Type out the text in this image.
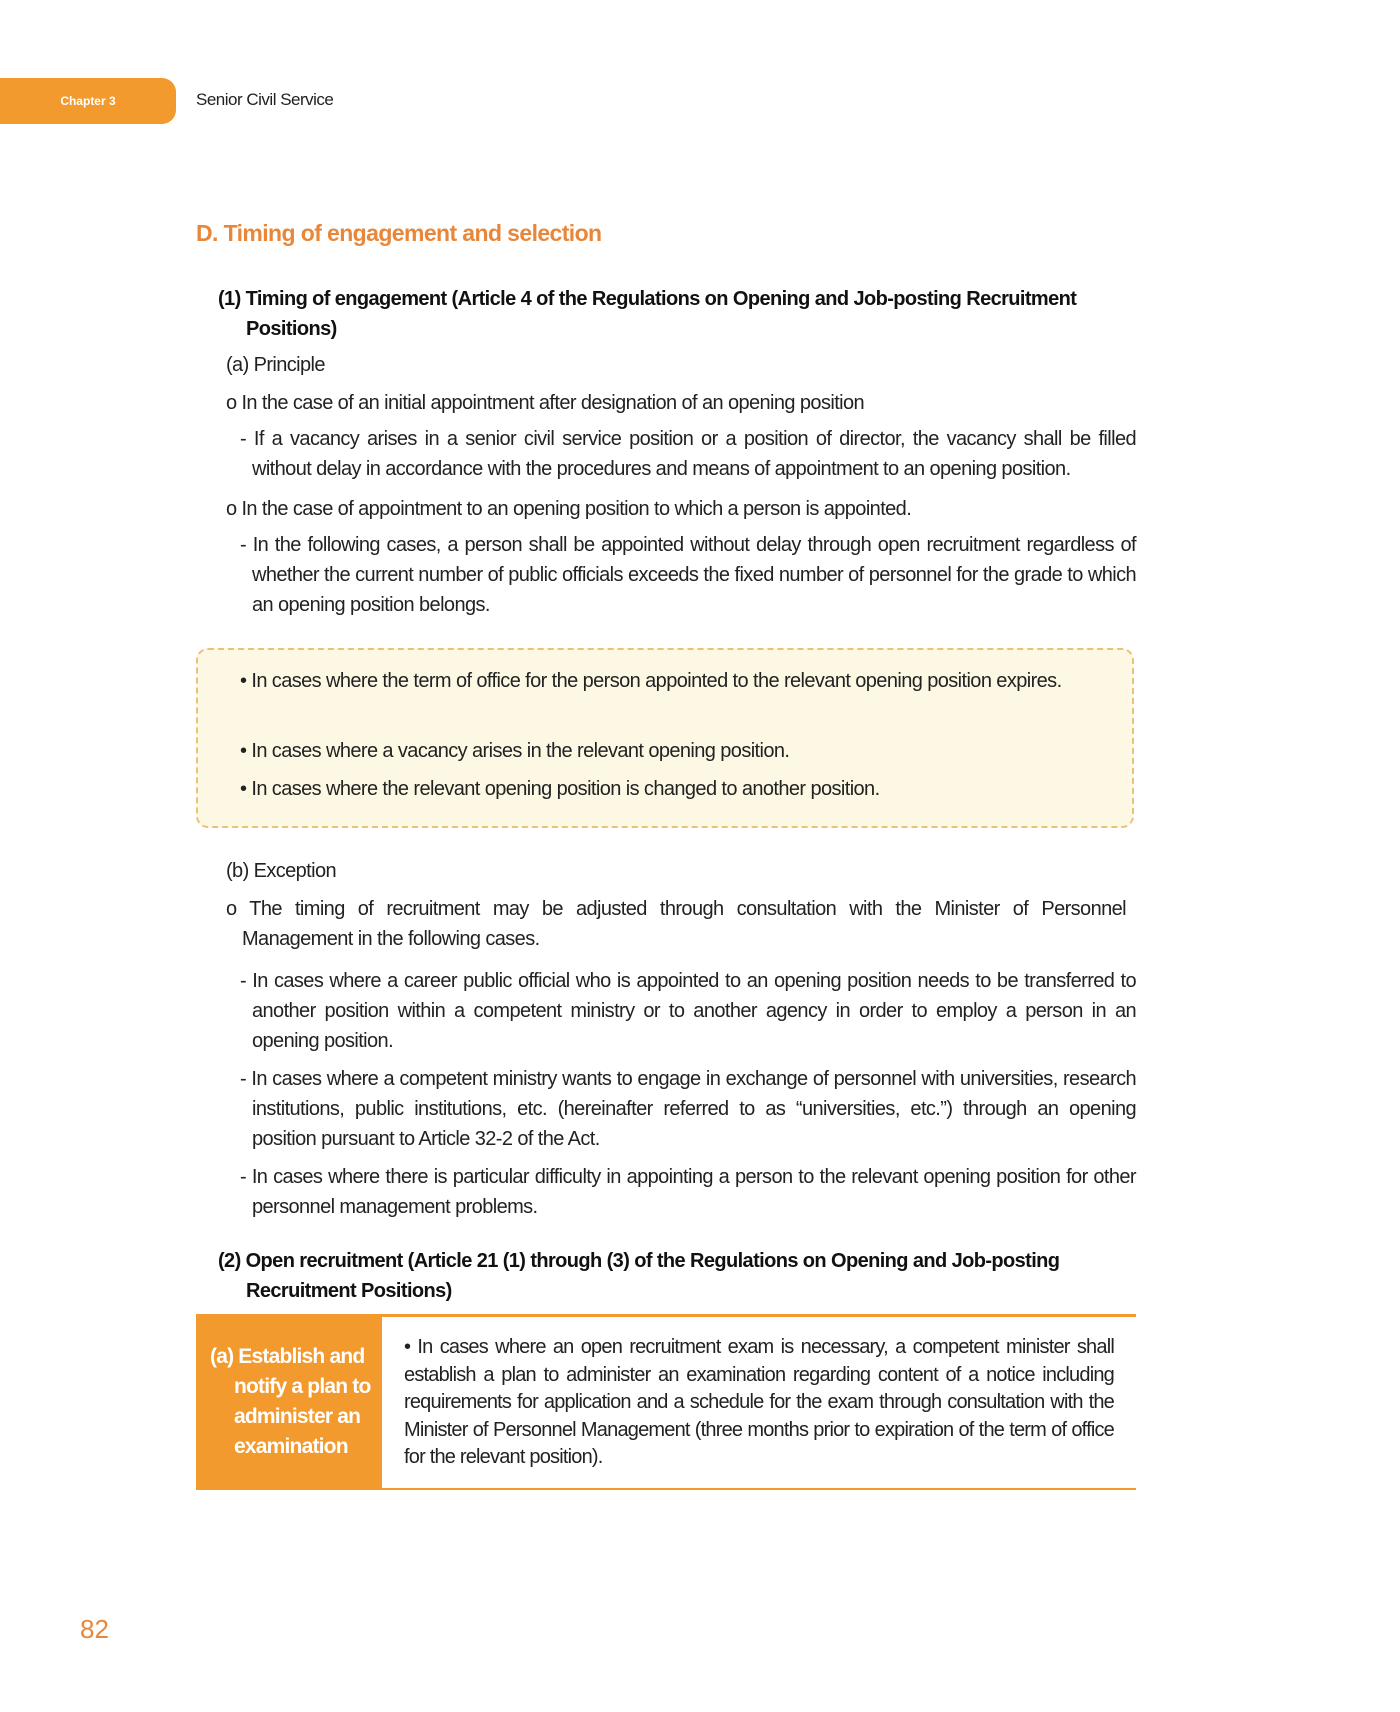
Chapter 3	Senior Civil Service
D. Timing of engagement and selection
(1) Timing of engagement (Article 4 of the Regulations on Opening and Job-posting Recruitment
Positions)
(a) Principle
o In the case of an initial appointment after designation of an opening position
- If a vacancy arises in a senior civil service position or a position of director, the vacancy shall be filled without delay in accordance with the procedures and means of appointment to an opening position.
o In the case of appointment to an opening position to which a person is appointed.
- In the following cases, a person shall be appointed without delay through open recruitment regardless of whether the current number of public officials exceeds the fixed number of personnel for the grade to which an opening position belongs.
• In cases where the term of office for the person appointed to the relevant opening position expires.
• In cases where a vacancy arises in the relevant opening position.
• In cases where the relevant opening position is changed to another position.
(b) Exception
o The timing of recruitment may be adjusted through consultation with the Minister of Personnel Management in the following cases.
- In cases where a career public official who is appointed to an opening position needs to be transferred to another position within a competent ministry or to another agency in order to employ a person in an opening position.
- In cases where a competent ministry wants to engage in exchange of personnel with universities, research institutions, public institutions, etc. (hereinafter referred to as “universities, etc.”) through an opening position pursuant to Article 32-2 of the Act.
- In cases where there is particular difficulty in appointing a person to the relevant opening position for other personnel management problems.
(2) Open recruitment (Article 21 (1) through (3) of the Regulations on Opening and Job-posting
Recruitment Positions)
(a) Establish and
notify a plan to
administer an
examination
• In cases where an open recruitment exam is necessary, a competent minister shall establish a plan to administer an examination regarding content of a notice including requirements for application and a schedule for the exam through consultation with the Minister of Personnel Management (three months prior to expiration of the term of office for the relevant position).
82
